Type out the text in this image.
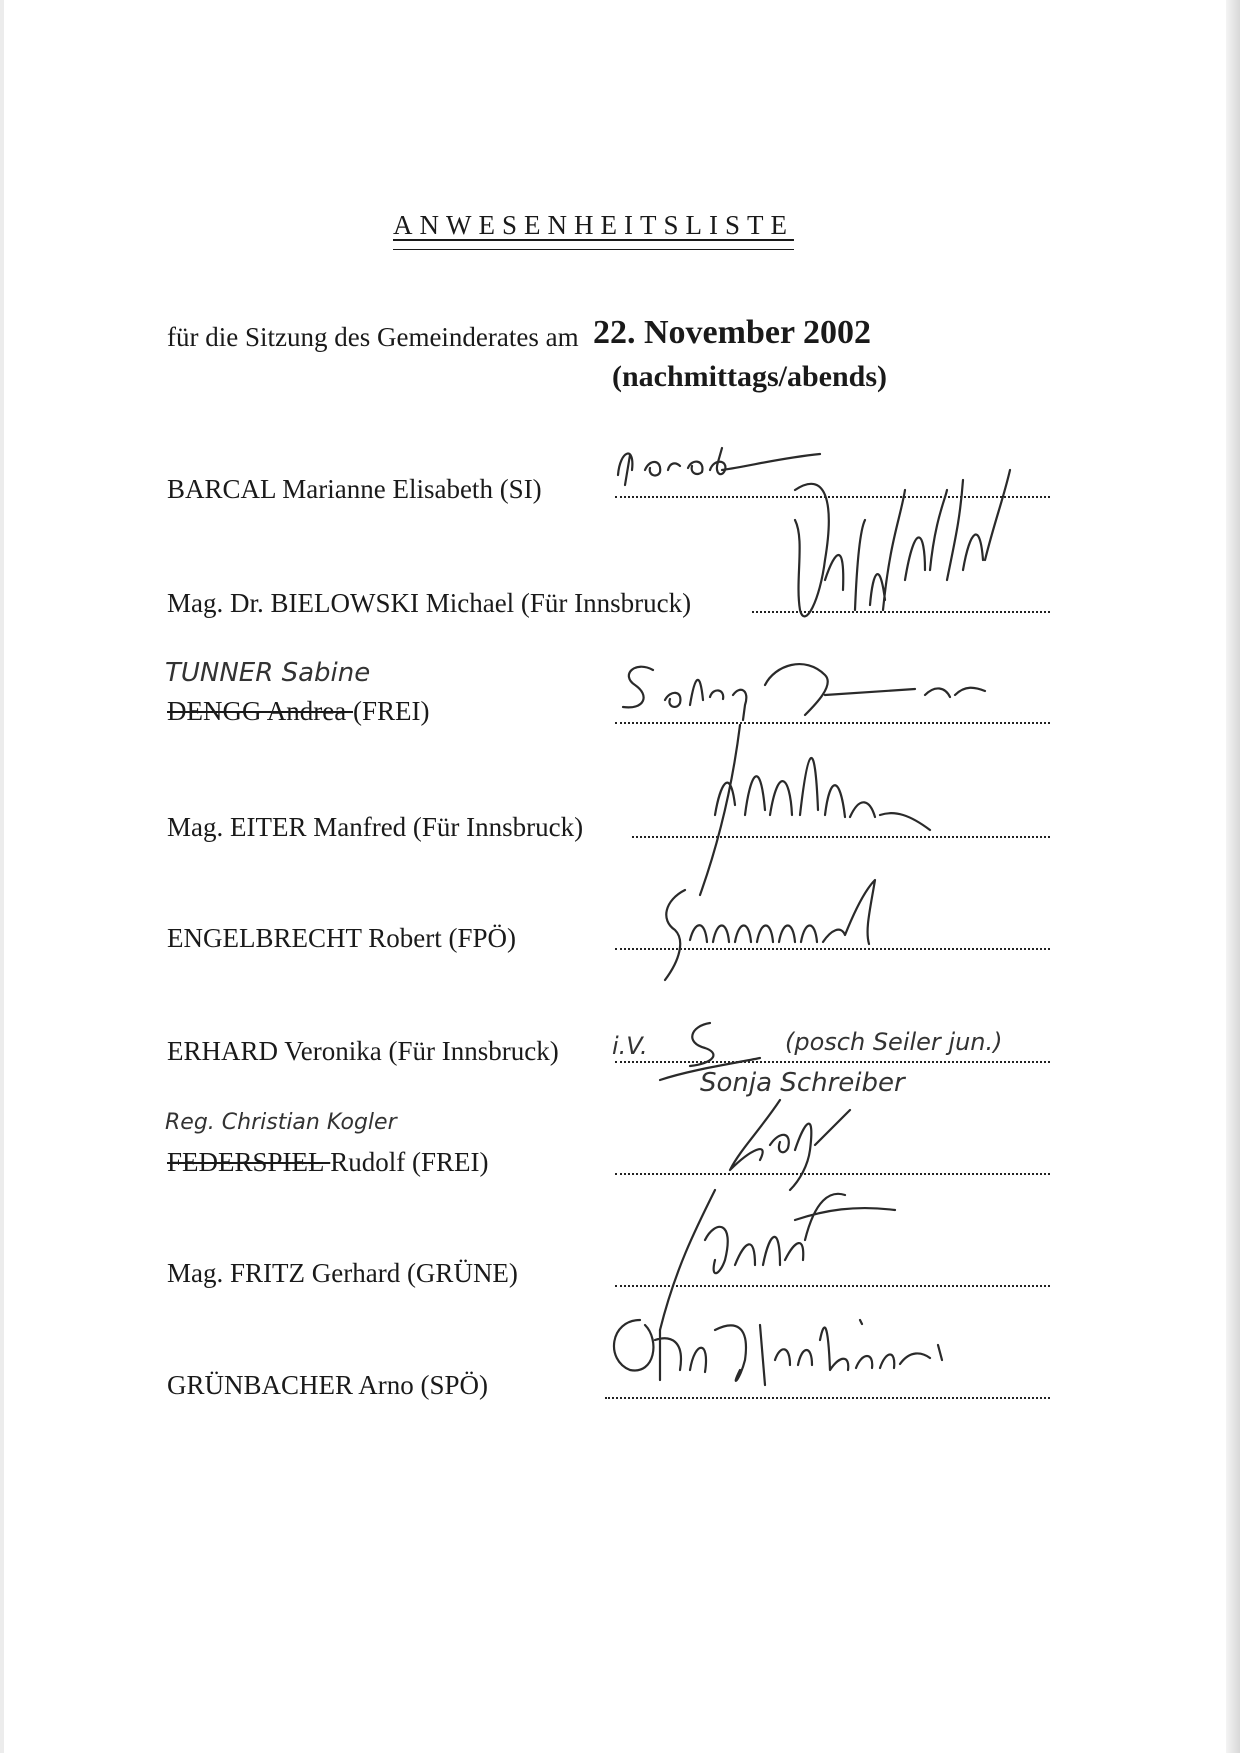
ANWESENHEITSLISTE
für die Sitzung des Gemeinderates am 22. November 2002
(nachmittags/abends)
BARCAL Marianne Elisabeth (SI)
Mag. Dr. BIELOWSKI Michael (Für Innsbruck)
TUNNER Sabine
DENGG Andrea (FREI)
Mag. EITER Manfred (Für Innsbruck)
ENGELBRECHT Robert (FPÖ)
ERHARD Veronika (Für Innsbruck) i.V.	(posch Seiler jun.)
Sonja Schreiber
Reg. Christian Kogler
FEDERSPIEL Rudolf (FREI)
Mag. FRITZ Gerhard (GRÜNE)
GRÜNBACHER Arno (SPÖ)
